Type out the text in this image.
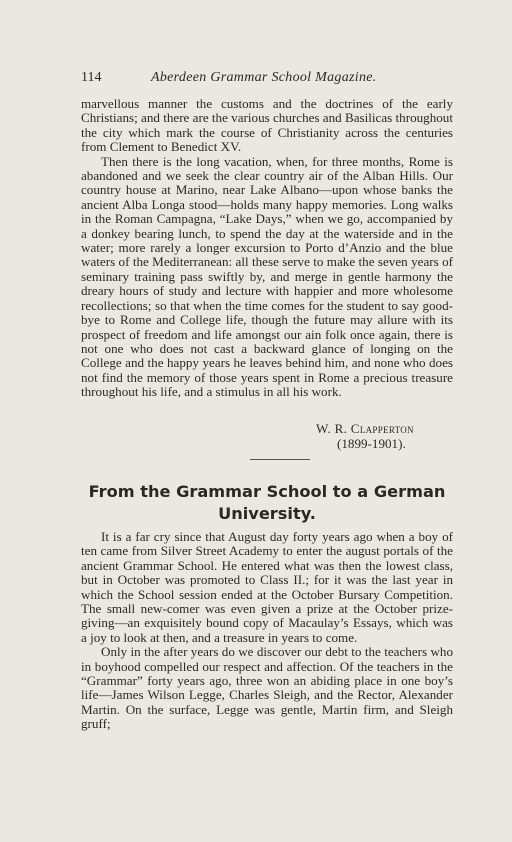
114	Aberdeen Grammar School Magazine.

marvellous manner the customs and the doctrines of the early Christians; and there are the various churches and Basilicas throughout the city which mark the course of Christianity across the centuries from Clement to Benedict XV.

Then there is the long vacation, when, for three months, Rome is abandoned and we seek the clear country air of the Alban Hills. Our country house at Marino, near Lake Albano—upon whose banks the ancient Alba Longa stood—holds many happy memories. Long walks in the Roman Campagna, “Lake Days,” when we go, accompanied by a donkey bearing lunch, to spend the day at the waterside and in the water; more rarely a longer excursion to Porto d’Anzio and the blue waters of the Mediterranean: all these serve to make the seven years of seminary training pass swiftly by, and merge in gentle harmony the dreary hours of study and lecture with happier and more wholesome recollections; so that when the time comes for the student to say good-bye to Rome and College life, though the future may allure with its prospect of freedom and life amongst our ain folk once again, there is not one who does not cast a backward glance of longing on the College and the happy years he leaves behind him, and none who does not find the memory of those years spent in Rome a precious treasure throughout his life, and a stimulus in all his work.

W. R. Clapperton
(1899-1901).
From the Grammar School to a German University.

It is a far cry since that August day forty years ago when a boy of ten came from Silver Street Academy to enter the august portals of the ancient Grammar School. He entered what was then the lowest class, but in October was promoted to Class II.; for it was the last year in which the School session ended at the October Bursary Competition. The small new-comer was even given a prize at the October prize-giving—an exquisitely bound copy of Macaulay’s Essays, which was a joy to look at then, and a treasure in years to come.

Only in the after years do we discover our debt to the teachers who in boyhood compelled our respect and affection. Of the teachers in the “Grammar” forty years ago, three won an abiding place in one boy’s life—James Wilson Legge, Charles Sleigh, and the Rector, Alexander Martin. On the surface, Legge was gentle, Martin firm, and Sleigh gruff;
